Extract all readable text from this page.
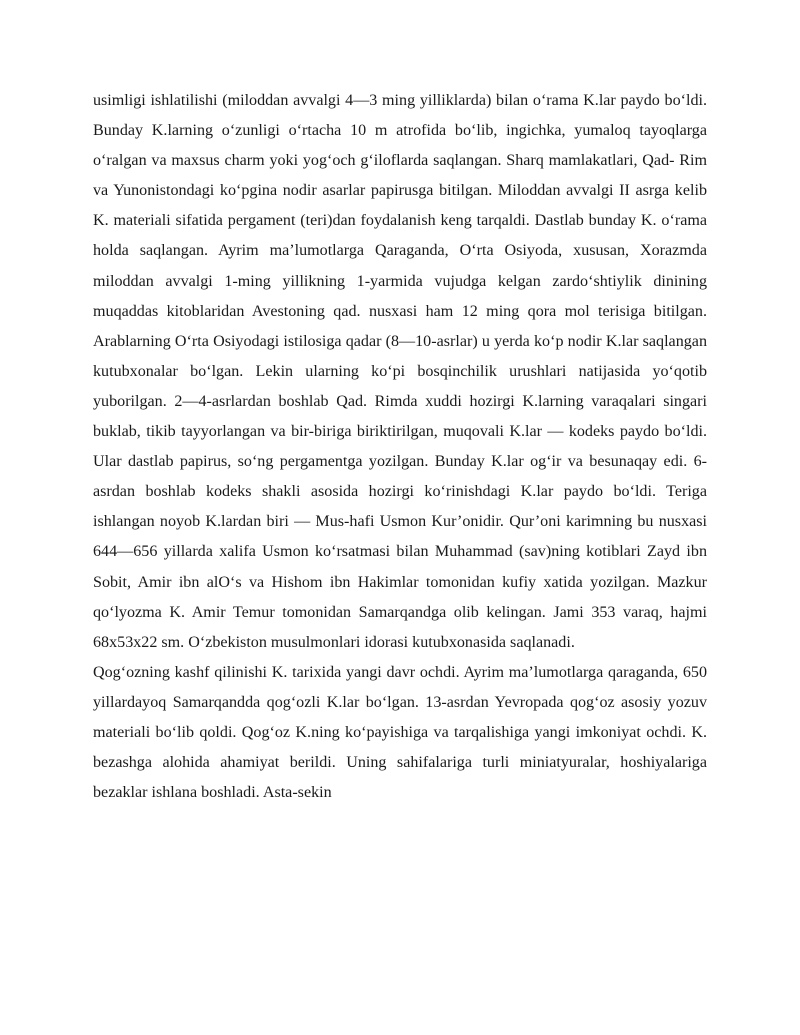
usimligi ishlatilishi (miloddan avvalgi 4—3 ming yilliklarda) bilan o‘rama K.lar paydo bo‘ldi. Bunday K.larning o‘zunligi o‘rtacha 10 m atrofida bo‘lib, ingichka, yumaloq tayoqlarga o‘ralgan va maxsus charm yoki yog‘och g‘iloflarda saqlangan. Sharq mamlakatlari, Qad- Rim va Yunonistondagi ko‘pgina nodir asarlar papirusga bitilgan. Miloddan avvalgi II asrga kelib K. materiali sifatida pergament (teri)dan foydalanish keng tarqaldi. Dastlab bunday K. o‘rama holda saqlangan. Ayrim ma’lumotlarga Qaraganda, O‘rta Osiyoda, xususan, Xorazmda miloddan avvalgi 1-ming yillikning 1-yarmida vujudga kelgan zardo‘shtiylik dinining muqaddas kitoblaridan Avestoning qad. nusxasi ham 12 ming qora mol terisiga bitilgan. Arablarning O‘rta Osiyodagi istilosiga qadar (8—10-asrlar) u yerda ko‘p nodir K.lar saqlangan kutubxonalar bo‘lgan. Lekin ularning ko‘pi bosqinchilik urushlari natijasida yo‘qotib yuborilgan. 2—4-asrlardan boshlab Qad. Rimda xuddi hozirgi K.larning varaqalari singari buklab, tikib tayyorlangan va bir-biriga biriktirilgan, muqovali K.lar — kodeks paydo bo‘ldi. Ular dastlab papirus, so‘ng pergamentga yozilgan. Bunday K.lar og‘ir va besunaqay edi. 6-asrdan boshlab kodeks shakli asosida hozirgi ko‘rinishdagi K.lar paydo bo‘ldi. Teriga ishlangan noyob K.lardan biri — Mus-hafi Usmon Kur’onidir. Qur’oni karimning bu nusxasi 644—656 yillarda xalifa Usmon ko‘rsatmasi bilan Muhammad (sav)ning kotiblari Zayd ibn Sobit, Amir ibn alO‘s va Hishom ibn Hakimlar tomonidan kufiy xatida yozilgan. Mazkur qo‘lyozma K. Amir Temur tomonidan Samarqandga olib kelingan. Jami 353 varaq, hajmi 68x53x22 sm. O‘zbekiston musulmonlari idorasi kutubxonasida saqlanadi.

Qog‘ozning kashf qilinishi K. tarixida yangi davr ochdi. Ayrim ma’lumotlarga qaraganda, 650 yillardayoq Samarqandda qog‘ozli K.lar bo‘lgan. 13-asrdan Yevropada qog‘oz asosiy yozuv materiali bo‘lib qoldi. Qog‘oz K.ning ko‘payishiga va tarqalishiga yangi imkoniyat ochdi. K. bezashga alohida ahamiyat berildi. Uning sahifalariga turli miniatyuralar, hoshiyalariga bezaklar ishlana boshladi. Asta-sekin
